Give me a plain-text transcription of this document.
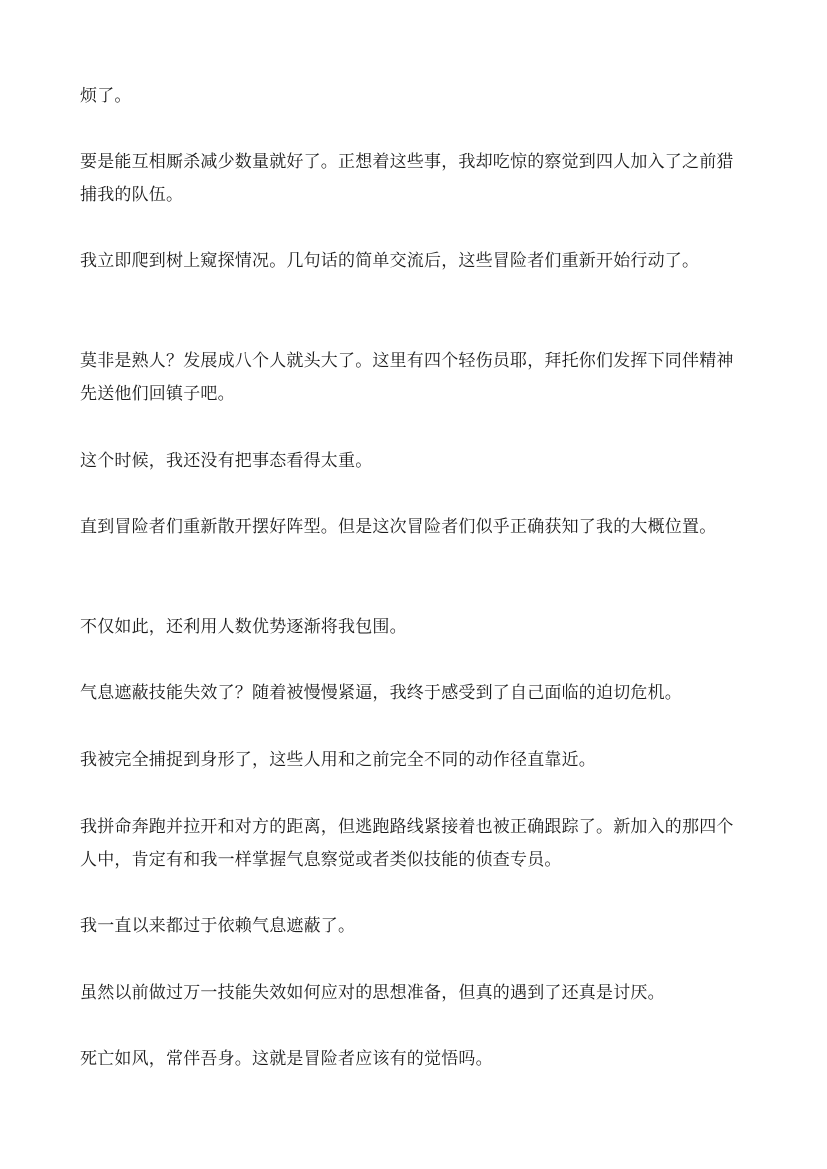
烦了。

要是能互相厮杀减少数量就好了。正想着这些事，我却吃惊的察觉到四人加入了之前猎捕我的队伍。

我立即爬到树上窥探情况。几句话的简单交流后，这些冒险者们重新开始行动了。

莫非是熟人？发展成八个人就头大了。这里有四个轻伤员耶，拜托你们发挥下同伴精神先送他们回镇子吧。

这个时候，我还没有把事态看得太重。

直到冒险者们重新散开摆好阵型。但是这次冒险者们似乎正确获知了我的大概位置。

不仅如此，还利用人数优势逐渐将我包围。

气息遮蔽技能失效了？随着被慢慢紧逼，我终于感受到了自己面临的迫切危机。

我被完全捕捉到身形了，这些人用和之前完全不同的动作径直靠近。

我拼命奔跑并拉开和对方的距离，但逃跑路线紧接着也被正确跟踪了。新加入的那四个人中，肯定有和我一样掌握气息察觉或者类似技能的侦查专员。

我一直以来都过于依赖气息遮蔽了。

虽然以前做过万一技能失效如何应对的思想准备，但真的遇到了还真是讨厌。

死亡如风，常伴吾身。这就是冒险者应该有的觉悟吗。
